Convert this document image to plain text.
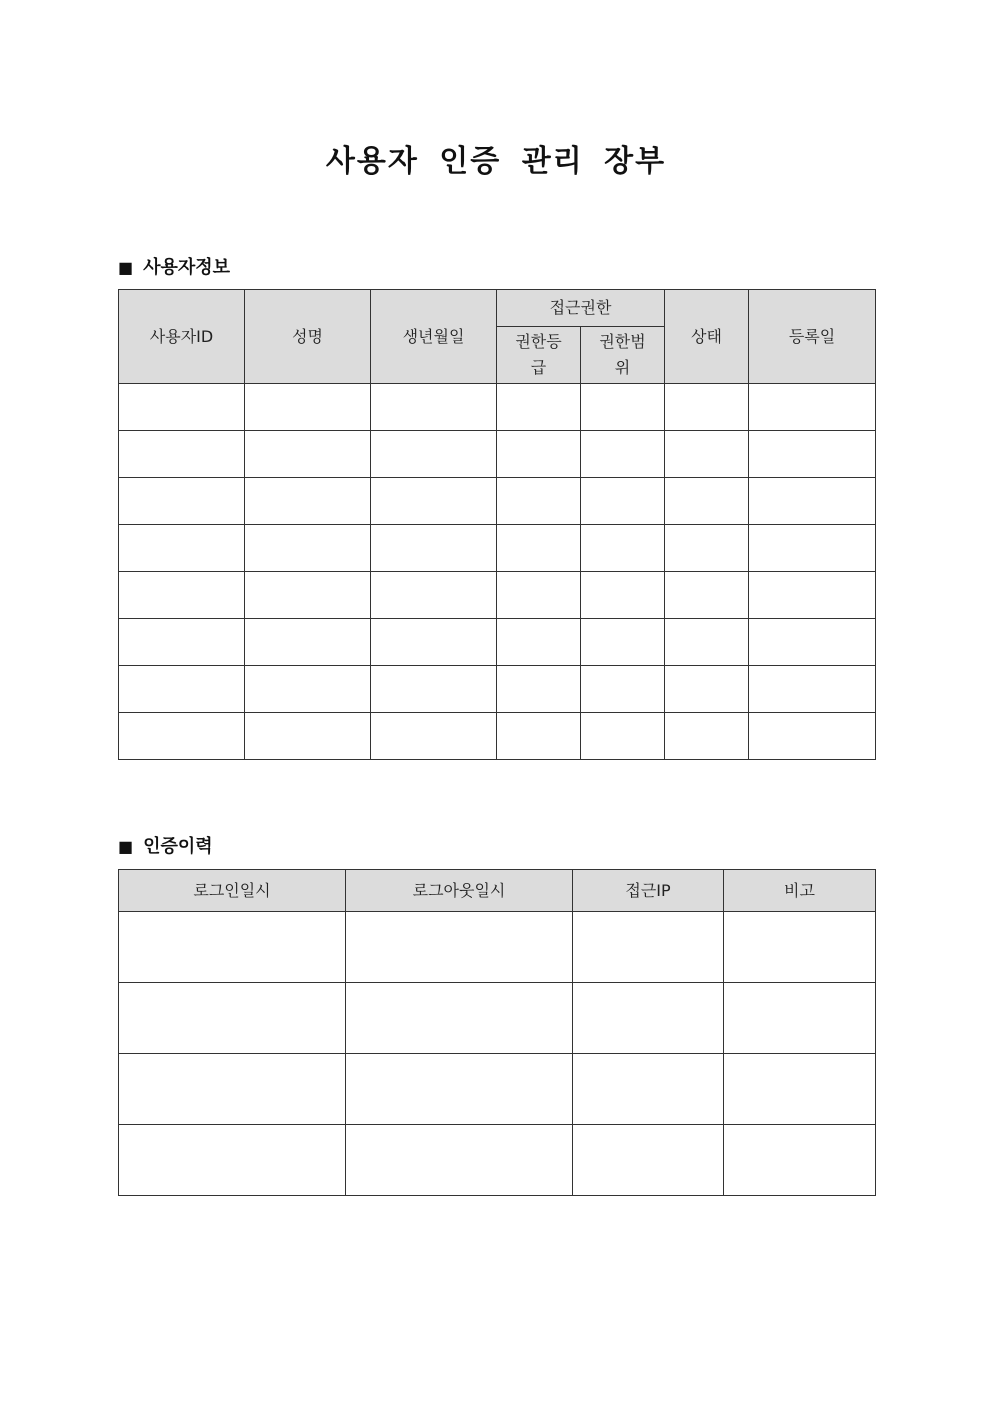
사용자 인증 관리 장부
■ 사용자정보
사용자ID	성명	생년월일	접근권한		상태	등록일
			권한등급	권한범위		

■ 인증이력
로그인일시	로그아웃일시	접근IP	비고
